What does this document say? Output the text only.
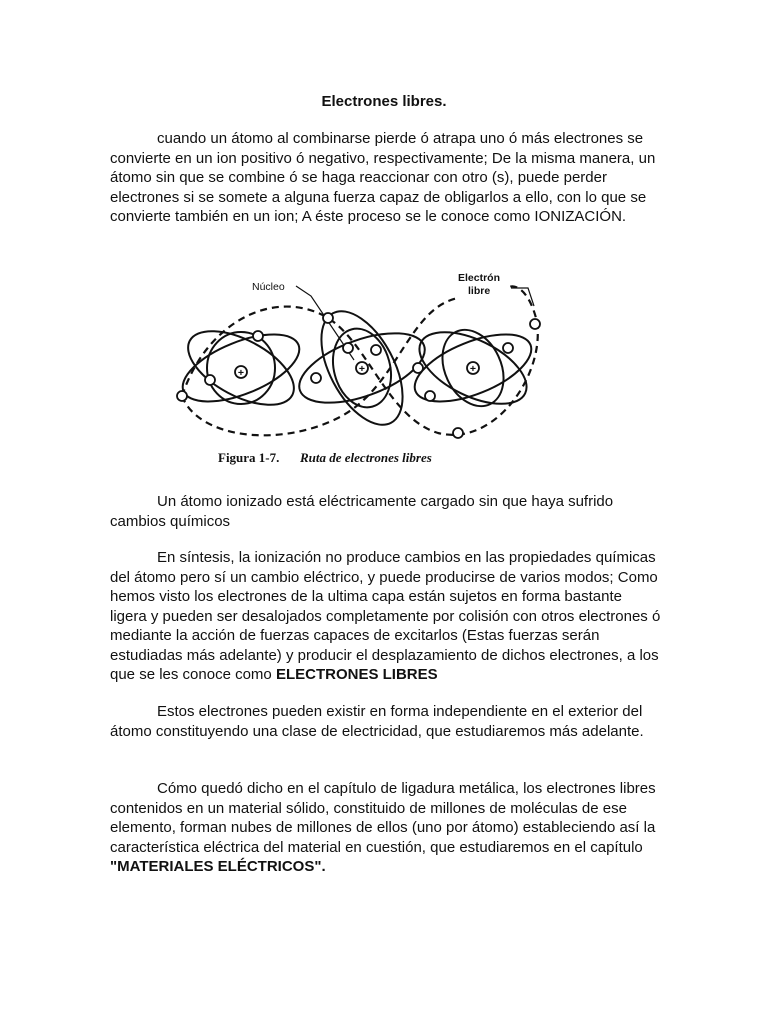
Electrones libres.

cuando un átomo al combinarse pierde ó atrapa uno ó más electrones se convierte en un ion positivo ó negativo, respectivamente; De la misma manera, un átomo sin que se combine ó se haga reaccionar con otro (s), puede perder electrones si se somete a alguna fuerza capaz de obligarlos a ello, con lo que se convierte también en un ion; A éste proceso se le conoce como IONIZACIÓN.

+	+	+
Núcleo
Electrón
libre
Figura 1-7. Ruta de electrones libres

Un átomo ionizado está eléctricamente cargado sin que haya sufrido cambios químicos

En síntesis, la ionización no produce cambios en las propiedades químicas del átomo pero sí un cambio eléctrico, y puede producirse de varios modos; Como hemos visto los electrones de la ultima capa están sujetos en forma bastante ligera y pueden ser desalojados completamente por colisión con otros electrones ó mediante la acción de fuerzas capaces de excitarlos (Estas fuerzas serán estudiadas más adelante) y producir el desplazamiento de dichos electrones, a los que se les conoce como ELECTRONES LIBRES

Estos electrones pueden existir en forma independiente en el exterior del átomo constituyendo una clase de electricidad, que estudiaremos más adelante.

Cómo quedó dicho en el capítulo de ligadura metálica, los electrones libres contenidos en un material sólido, constituido de millones de moléculas de ese elemento, forman nubes de millones de ellos (uno por átomo) estableciendo así la característica eléctrica del material en cuestión, que estudiaremos en el capítulo "MATERIALES ELÉCTRICOS".
